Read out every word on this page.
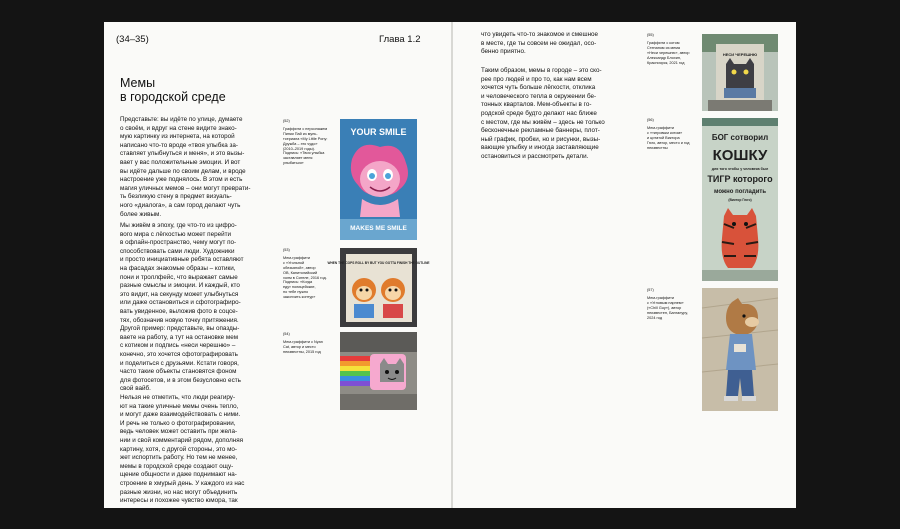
(34–35)	Глава 1.2
Мемы
в городской среде
Представьте: вы идёте по улице, думаете
о своём, и вдруг на стене видите знако-
мую картинку из интернета, на которой
написано что-то вроде «твоя улыбка за-
ставляет улыбнуться и меня», и это вызы-
вает у вас положительные эмоции. И вот
вы идёте дальше по своим делам, и вроде
настроение уже поднялось. В этом и есть
магия уличных мемов – они могут преврати-
ть безликую стену в предмет визуаль-
ного «диалога», а сам город делают чуть
более живым.
Мы живём в эпоху, где что-то из цифро-
вого мира с лёгкостью может перейти
в офлайн-пространство, чему могут по-
способствовать сами люди. Художники
и просто инициативные ребята оставляют
на фасадах знакомые образы – котики,
пони и троллфейс, что выражает самые
разные смыслы и эмоции. И каждый, кто
это видит, на секунду может улыбнуться
или даже остановиться и сфотографиро-
вать увиденное, выложив фото в соцсе-
тях, обозначив новую точку притяжения.
Другой пример: представьте, вы опазды-
ваете на работу, а тут на остановке мем
с котиком и подпись «неси черешню» –
конечно, это хочется сфотографировать
и поделиться с друзьями. Кстати говоря,
часто такие объекты становятся фоном
для фотосетов, и в этом безусловно есть
свой вайб.
Нельзя не отметить, что люди реагиру-
ют на такие уличные мемы очень тепло,
и могут даже взаимодействовать с ними.
И речь не только о фотографировании,
ведь человек может оставить при жела-
нии и свой комментарий рядом, дополняя
картину, хотя, с другой стороны, это мо-
жет испортить работу. Но тем не менее,
мемы в городской среде создают ощу-
щение общности и даже поднимают на-
строение в хмурый день. У каждого из нас
разные жизни, но нас могут объединить
интересы и похожее чувство юмора, так
(52)
Граффити с персонажем
Пинки Пай из муль-
тсериала «My Little Pony:
Дружба – это чудо»
(2010–2019 годы).
Подпись: «Твоя улыбка
заставляет меня
улыбаться»
(53)
Мем-граффити
с «Угольной
обезьяной», автор
OB, Капитолийский
холм в Сиэтле, 2016 год.
Подпись: «Когда
едут полицейские,
но тебе нужно
закончить контур»
(54)
Мем-граффити с Nyan
Cat, автор и место
неизвестны, 2015 год
YOUR SMILE
MAKES ME SMILE
WHEN THE COPS ROLL BY BUT YOU GOTTA FINISH THE OUTLINE
что увидеть что-то знакомое и смешное
в месте, где ты совсем не ожидал, осо-
бенно приятно.
Таким образом, мемы в городе – это ско-
рее про людей и про то, как нам всем
хочется чуть больше лёгкости, отклика
и человеческого тепла в окружении бе-
тонных кварталов. Мем-объекты в го-
родской среде будто делают нас ближе
с местом, где мы живём – здесь не только
бесконечные рекламные баннеры, плот-
ный график, пробки, но и рисунки, вызы-
вающие улыбку и иногда заставляющие
остановиться и рассмотреть детали.
(55)
Граффити с котом
Степаном из мема
«Неси черешню», автор
Александр Блохин,
Красноярск, 2021 год
(56)
Мем-граффити
с «тигровым котом»
и цитатой Виктора
Гюго, автор, место и год
неизвестны
(57)
Мем-граффити
с «Угловым парнем»
(«Chill Guy»), автор
неизвестен, Бангалуру,
2024 год
НЕСИ ЧЕРЕШНЮ
БОГ сотворил
КОШКУ
для того чтобы у человека был
ТИГР которого
можно погладить
(Виктор Гюго)
